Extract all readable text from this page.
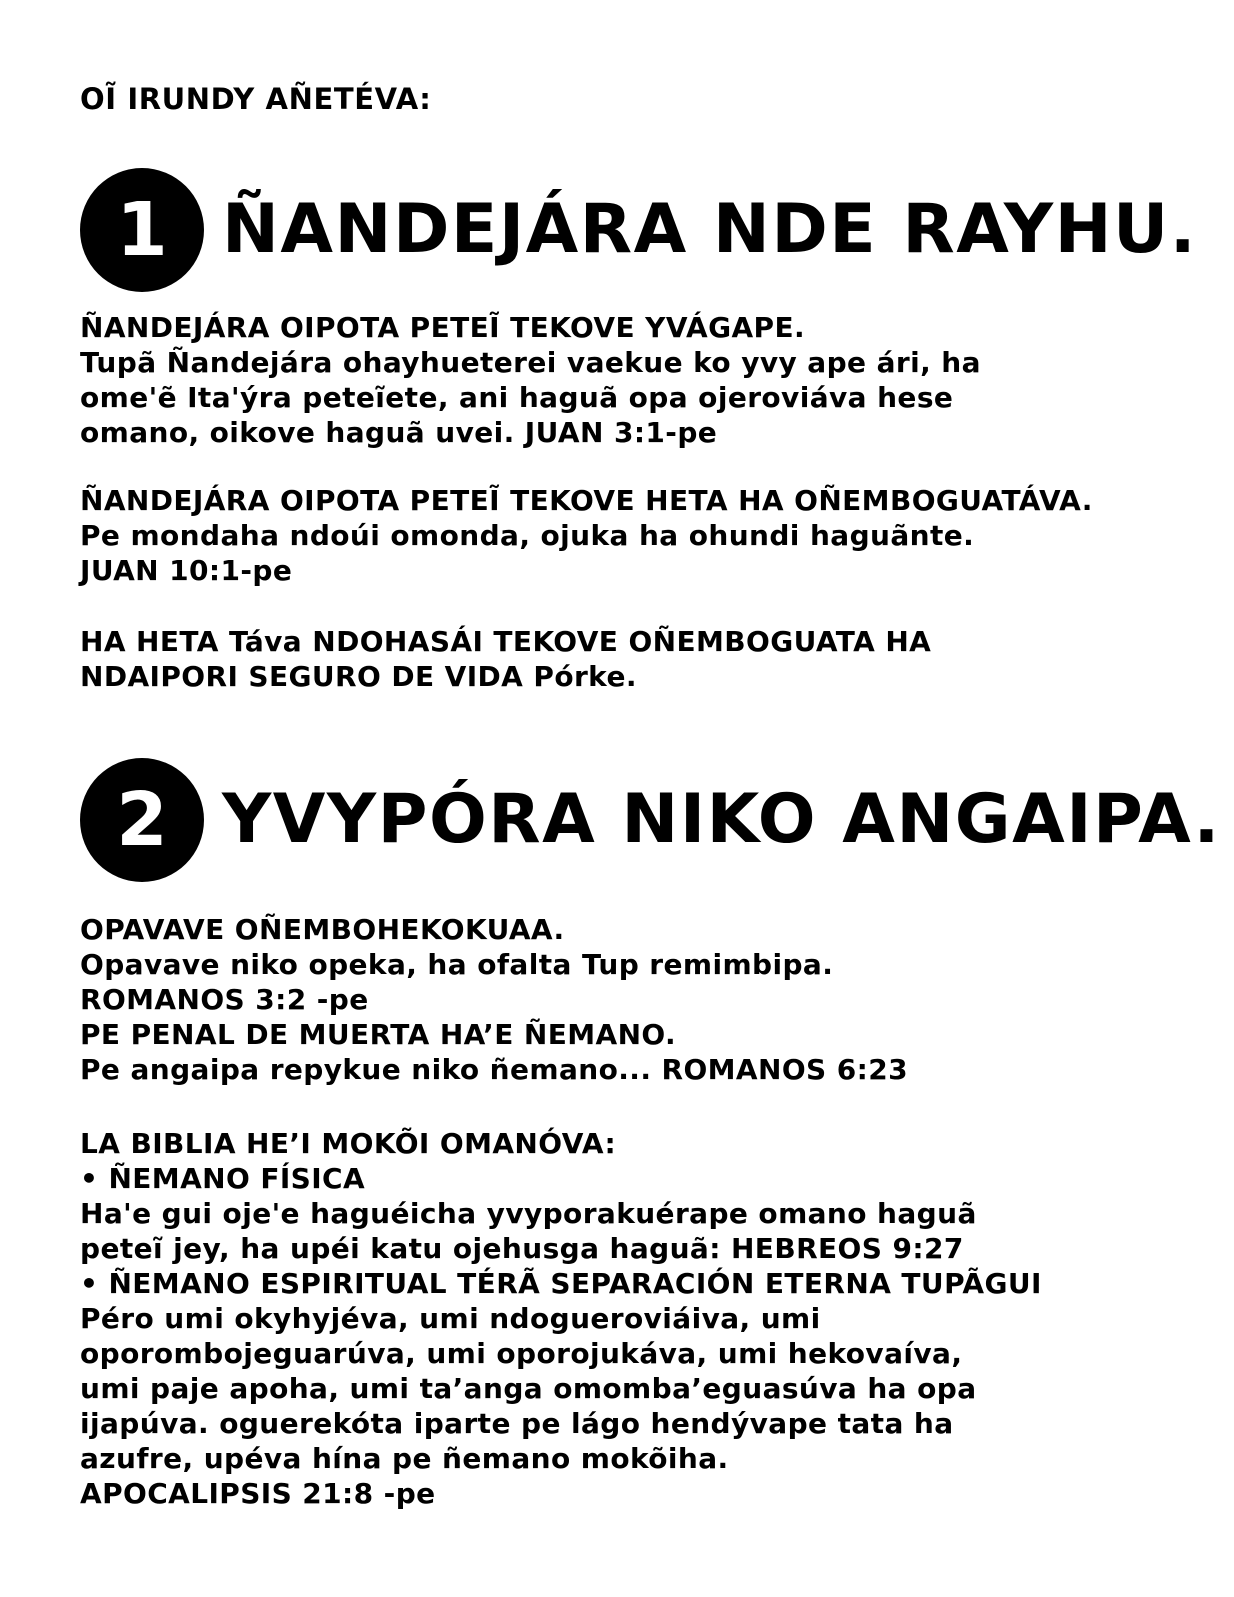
OĨ IRUNDY AÑETÉVA:
1 ÑANDEJÁRA NDE RAYHU.
ÑANDEJÁRA OIPOTA PETEĨ TEKOVE YVÁGAPE.
Tupã Ñandejára ohayhueterei vaekue ko yvy ape ári, ha
ome'ẽ Ita'ýra peteĩete, ani haguã opa ojeroviáva hese
omano, oikove haguã uvei. JUAN 3:1-pe
ÑANDEJÁRA OIPOTA PETEĨ TEKOVE HETA HA OÑEMBOGUATÁVA.
Pe mondaha ndoúi omonda, ojuka ha ohundi haguãnte.
JUAN 10:1-pe
HA HETA Táva NDOHASÁI TEKOVE OÑEMBOGUATA HA
NDAIPORI SEGURO DE VIDA Pórke.
2 YVYPÓRA NIKO ANGAIPA.
OPAVAVE OÑEMBOHEKOKUAA.
Opavave niko opeka, ha ofalta Tup remimbipa.
ROMANOS 3:2 -pe
PE PENAL DE MUERTA HA’E ÑEMANO.
Pe angaipa repykue niko ñemano... ROMANOS 6:23
LA BIBLIA HE’I MOKÕI OMANÓVA:
• ÑEMANO FÍSICA
Ha'e gui oje'e haguéicha yvyporakuérape omano haguã
peteĩ jey, ha upéi katu ojehusga haguã: HEBREOS 9:27
• ÑEMANO ESPIRITUAL TÉRÃ SEPARACIÓN ETERNA TUPÃGUI
Péro umi okyhyjéva, umi ndogueroviáiva, umi
oporombojeguarúva, umi oporojukáva, umi hekovaíva,
umi paje apoha, umi ta’anga omomba’eguasúva ha opa
ijapúva. oguerekóta iparte pe lágo hendývape tata ha
azufre, upéva hína pe ñemano mokõiha.
APOCALIPSIS 21:8 -pe
